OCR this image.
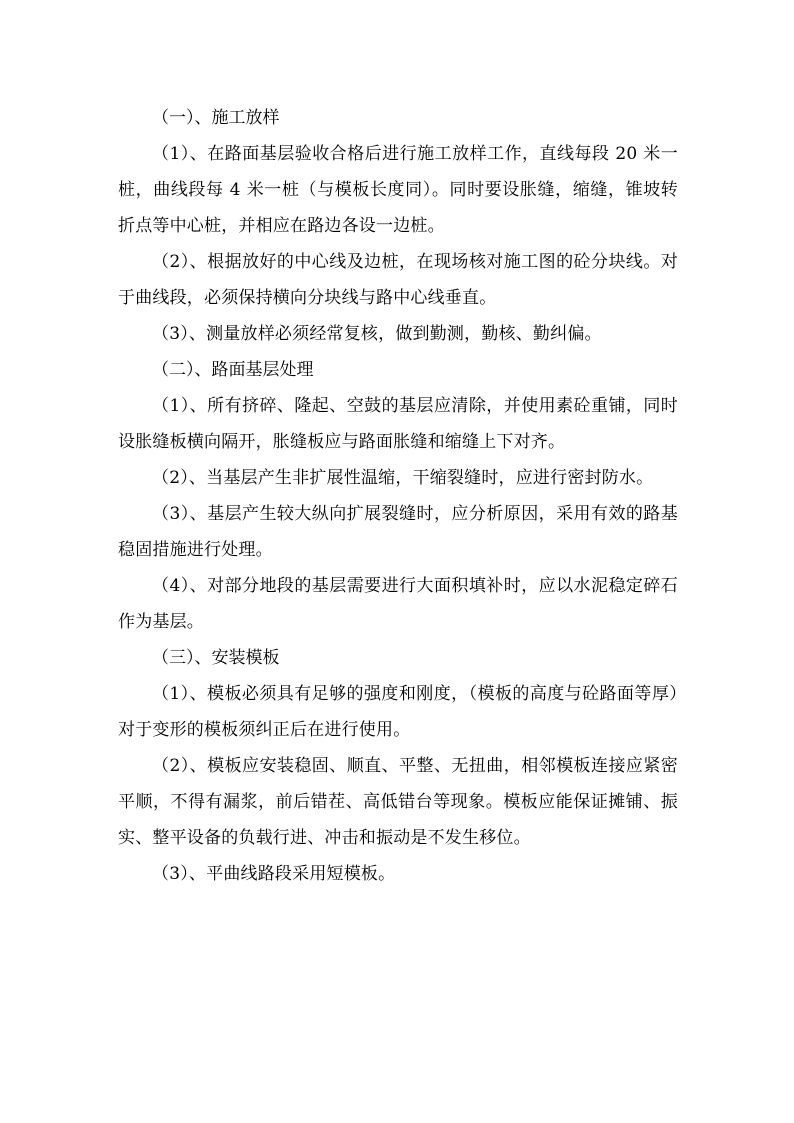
（一）、施工放样

（1）、在路面基层验收合格后进行施工放样工作，直线每段 20 米一桩，曲线段每 4 米一桩（与模板长度同）。同时要设胀缝，缩缝，锥坡转折点等中心桩，并相应在路边各设一边桩。

（2）、根据放好的中心线及边桩，在现场核对施工图的砼分块线。对于曲线段，必须保持横向分块线与路中心线垂直。

（3）、测量放样必须经常复核，做到勤测，勤核、勤纠偏。

（二）、路面基层处理

（1）、所有挤碎、隆起、空鼓的基层应清除，并使用素砼重铺，同时设胀缝板横向隔开，胀缝板应与路面胀缝和缩缝上下对齐。

（2）、当基层产生非扩展性温缩，干缩裂缝时，应进行密封防水。

（3）、基层产生较大纵向扩展裂缝时，应分析原因，采用有效的路基稳固措施进行处理。

（4）、对部分地段的基层需要进行大面积填补时，应以水泥稳定碎石作为基层。

（三）、安装模板

（1）、模板必须具有足够的强度和刚度，（模板的高度与砼路面等厚）对于变形的模板须纠正后在进行使用。

（2）、模板应安装稳固、顺直、平整、无扭曲，相邻模板连接应紧密平顺，不得有漏浆，前后错茬、高低错台等现象。模板应能保证摊铺、振实、整平设备的负载行进、冲击和振动是不发生移位。

（3）、平曲线路段采用短模板。
